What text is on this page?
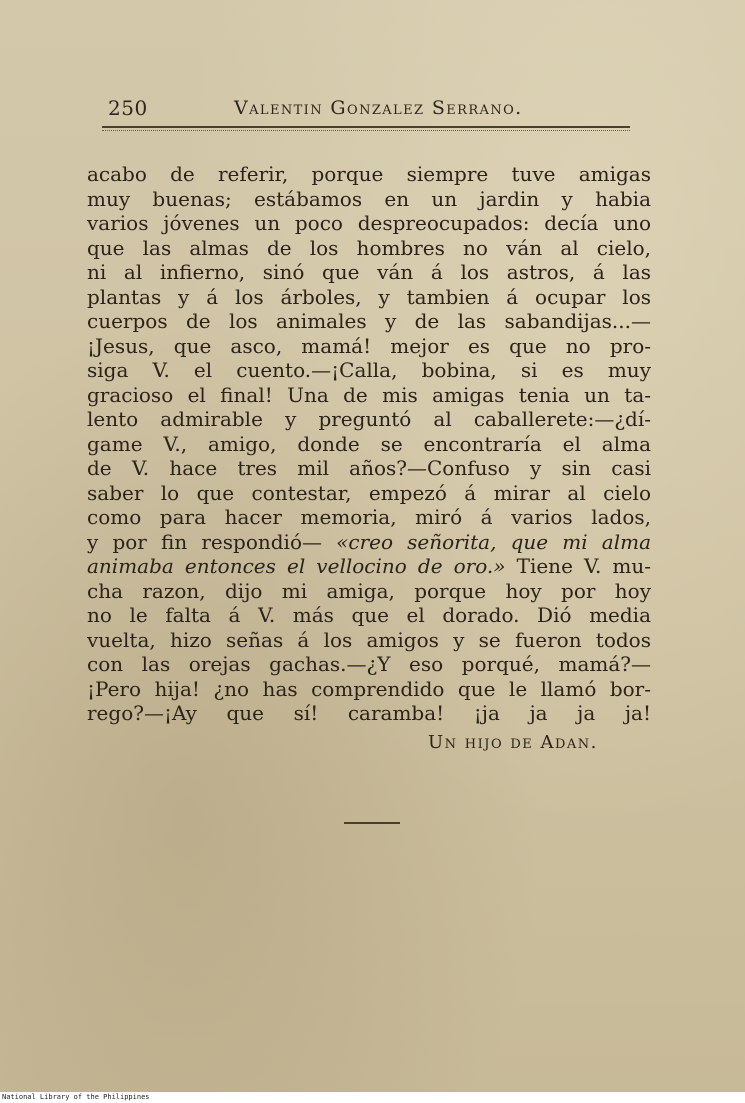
250	Valentin Gonzalez Serrano.
acabo de referir, porque siempre tuve amigas
muy buenas; estábamos en un jardin y habia
varios jóvenes un poco despreocupados: decía uno
que las almas de los hombres no ván al cielo,
ni al infierno, sinó que ván á los astros, á las
plantas y á los árboles, y tambien á ocupar los
cuerpos de los animales y de las sabandijas...—
¡Jesus, que asco, mamá! mejor es que no pro-
siga V. el cuento.—¡Calla, bobina, si es muy
gracioso el final! Una de mis amigas tenia un ta-
lento admirable y preguntó al caballerete:—¿dí-
game V., amigo, donde se encontraría el alma
de V. hace tres mil años?—Confuso y sin casi
saber lo que contestar, empezó á mirar al cielo
como para hacer memoria, miró á varios lados,
y por fin respondió— «creo señorita, que mi alma
animaba entonces el vellocino de oro.» Tiene V. mu-
cha razon, dijo mi amiga, porque hoy por hoy
no le falta á V. más que el dorado. Dió media
vuelta, hizo señas á los amigos y se fueron todos
con las orejas gachas.—¿Y eso porqué, mamá?—
¡Pero hija! ¿no has comprendido que le llamó bor-
rego?—¡Ay que sí! caramba! ¡ja ja ja ja!
Un hijo de Adan.
National Library of the Philippines
